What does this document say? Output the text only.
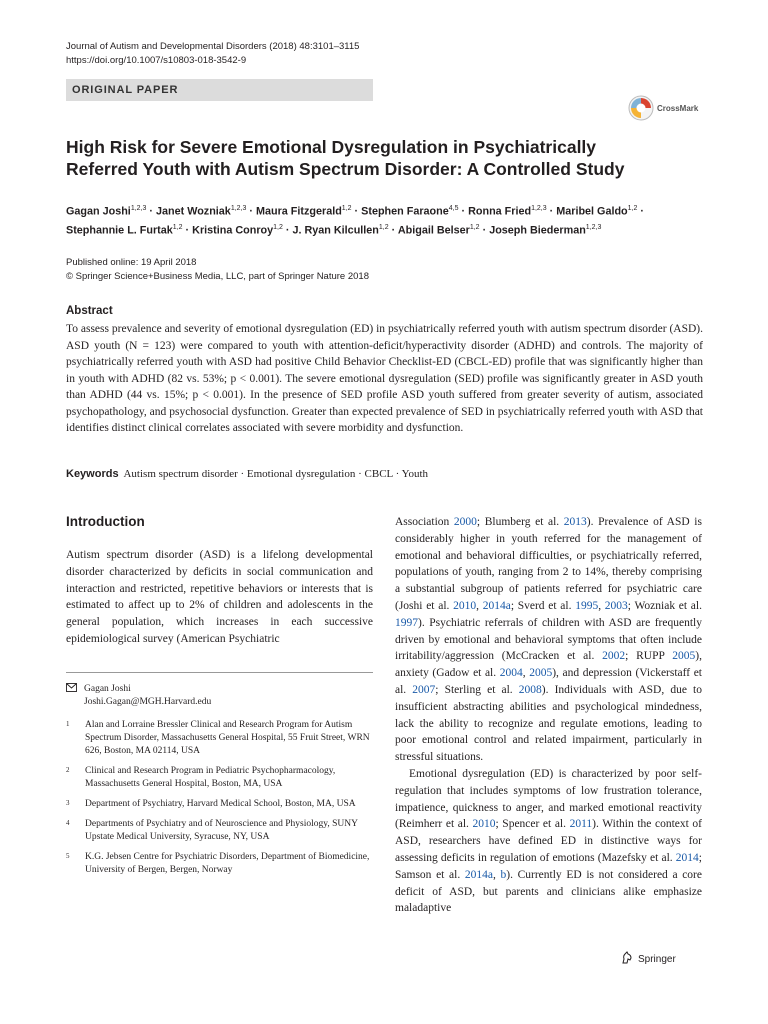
Journal of Autism and Developmental Disorders (2018) 48:3101–3115
https://doi.org/10.1007/s10803-018-3542-9
ORIGINAL PAPER
CrossMark
High Risk for Severe Emotional Dysregulation in Psychiatrically
Referred Youth with Autism Spectrum Disorder: A Controlled Study
Gagan Joshi$^{1,2,3}$ · Janet Wozniak$^{1,2,3}$ · Maura Fitzgerald$^{1,2}$ · Stephen Faraone$^{4,5}$ · Ronna Fried$^{1,2,3}$ · Maribel Galdo$^{1,2}$ ·
Stephannie L. Furtak$^{1,2}$ · Kristina Conroy$^{1,2}$ · J. Ryan Kilcullen$^{1,2}$ · Abigail Belser$^{1,2}$ · Joseph Biederman$^{1,2,3}$
Published online: 19 April 2018
© Springer Science+Business Media, LLC, part of Springer Nature 2018
Abstract
To assess prevalence and severity of emotional dysregulation (ED) in psychiatrically referred youth with autism spectrum disorder (ASD). ASD youth (N = 123) were compared to youth with attention-deficit/hyperactivity disorder (ADHD) and controls. The majority of psychiatrically referred youth with ASD had positive Child Behavior Checklist-ED (CBCL-ED) profile that was significantly higher than in youth with ADHD (82 vs. 53%; p < 0.001). The severe emotional dysregulation (SED) profile was significantly greater in ASD youth than ADHD (44 vs. 15%; p < 0.001). In the presence of SED profile ASD youth suffered from greater severity of autism, associated psychopathology, and psychosocial dysfunction. Greater than expected prevalence of SED in psychiatrically referred youth with ASD that identifies distinct clinical correlates associated with severe morbidity and dysfunction.
Keywords Autism spectrum disorder · Emotional dysregulation · CBCL · Youth
Introduction
Autism spectrum disorder (ASD) is a lifelong developmental disorder characterized by deficits in social communication and interaction and restricted, repetitive behaviors or interests that is estimated to affect up to 2% of children and adolescents in the general population, which increases in each successive epidemiological survey (American Psychiatric

Association 2000; Blumberg et al. 2013). Prevalence of ASD is considerably higher in youth referred for the management of emotional and behavioral difficulties, or psychiatrically referred, populations of youth, ranging from 2 to 14%, thereby comprising a substantial subgroup of patients referred for psychiatric care (Joshi et al. 2010, 2014a; Sverd et al. 1995, 2003; Wozniak et al. 1997). Psychiatric referrals of children with ASD are frequently driven by emotional and behavioral symptoms that often include irritability/aggression (McCracken et al. 2002; RUPP 2005), anxiety (Gadow et al. 2004, 2005), and depression (Vickerstaff et al. 2007; Sterling et al. 2008). Individuals with ASD, due to insufficient abstracting abilities and psychological mindedness, lack the ability to recognize and regulate emotions, leading to poor emotional control and related impairment, particularly in stressful situations.

Emotional dysregulation (ED) is characterized by poor self-regulation that includes symptoms of low frustration tolerance, impatience, quickness to anger, and marked emotional reactivity (Reimherr et al. 2010; Spencer et al. 2011). Within the context of ASD, researchers have defined ED in distinctive ways for assessing deficits in regulation of emotions (Mazefsky et al. 2014; Samson et al. 2014a, b). Currently ED is not considered a core deficit of ASD, but parents and clinicians alike emphasize maladaptive

Gagan Joshi
Joshi.Gagan@MGH.Harvard.edu
1	Alan and Lorraine Bressler Clinical and Research Program for Autism Spectrum Disorder, Massachusetts General Hospital, 55 Fruit Street, WRN 626, Boston, MA 02114, USA
2	Clinical and Research Program in Pediatric Psychopharmacology, Massachusetts General Hospital, Boston, MA, USA
3	Department of Psychiatry, Harvard Medical School, Boston, MA, USA
4	Departments of Psychiatry and of Neuroscience and Physiology, SUNY Upstate Medical University, Syracuse, NY, USA
5	K.G. Jebsen Centre for Psychiatric Disorders, Department of Biomedicine, University of Bergen, Bergen, Norway
Springer
